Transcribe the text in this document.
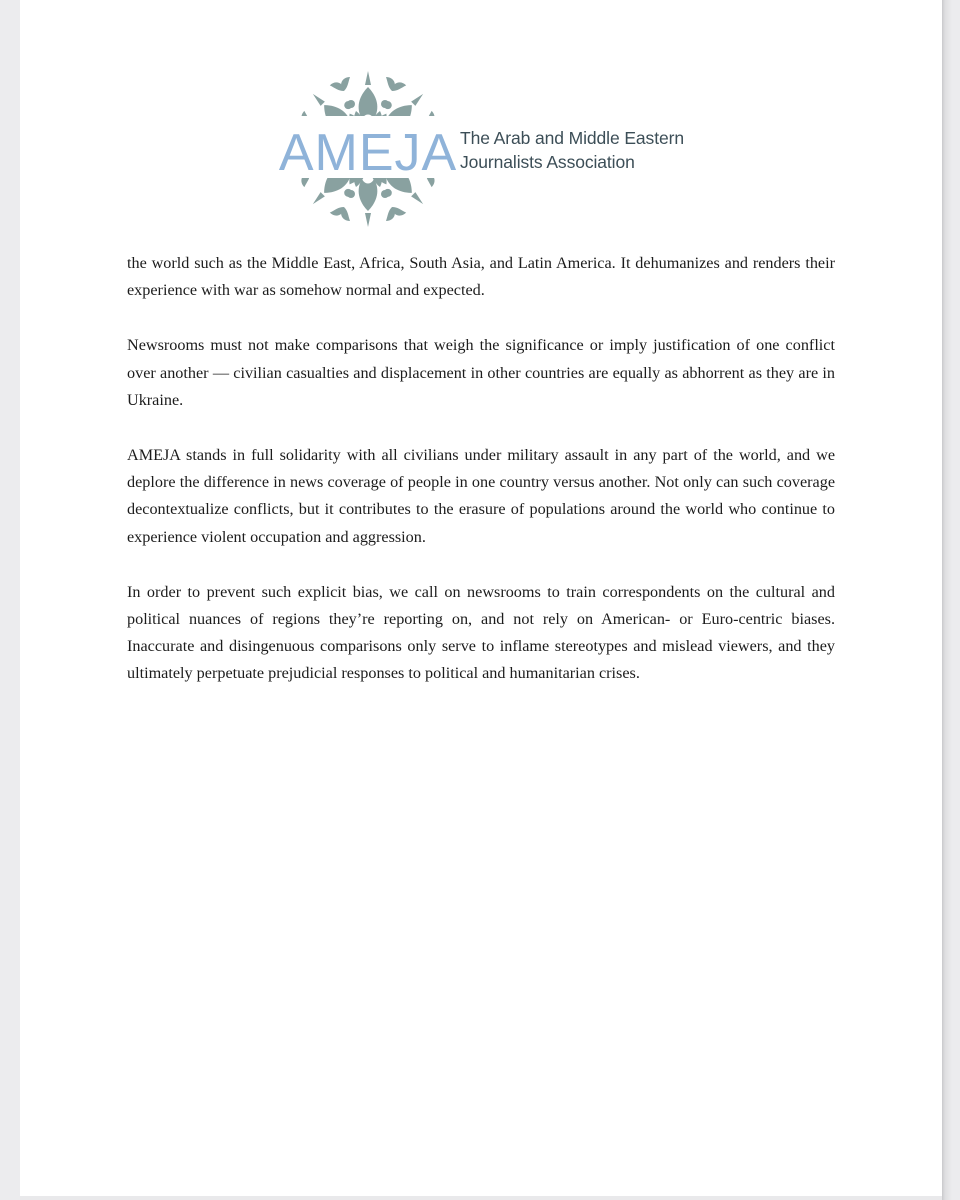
AMEJA The Arab and Middle Eastern
Journalists Association

the world such as the Middle East, Africa, South Asia, and Latin America. It dehumanizes and renders their experience with war as somehow normal and expected.

Newsrooms must not make comparisons that weigh the significance or imply justification of one conflict over another — civilian casualties and displacement in other countries are equally as abhorrent as they are in Ukraine.

AMEJA stands in full solidarity with all civilians under military assault in any part of the world, and we deplore the difference in news coverage of people in one country versus another. Not only can such coverage decontextualize conflicts, but it contributes to the erasure of populations around the world who continue to experience violent occupation and aggression.

In order to prevent such explicit bias, we call on newsrooms to train correspondents on the cultural and political nuances of regions they’re reporting on, and not rely on American- or Euro-centric biases. Inaccurate and disingenuous comparisons only serve to inflame stereotypes and mislead viewers, and they ultimately perpetuate prejudicial responses to political and humanitarian crises.
